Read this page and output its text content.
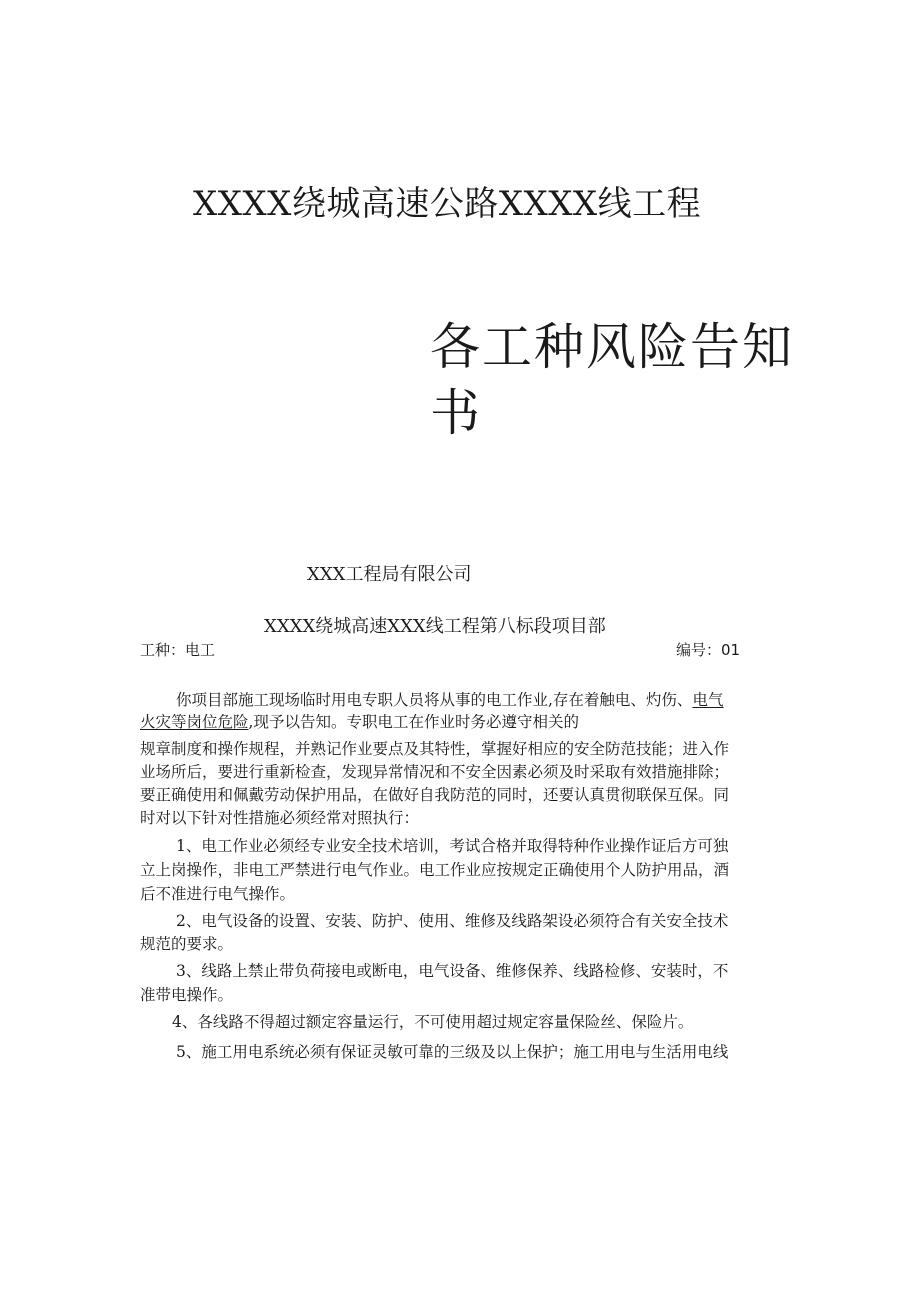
XXXX绕城高速公路XXXX线工程
各工种风险告知
书
XXX工程局有限公司
XXXX绕城高速XXX线工程第八标段项目部
工种：电工	编号：01
你项目部施工现场临时用电专职人员将从事的电工作业,存在着触电、灼伤、电气
火灾等岗位危险,现予以告知。专职电工在作业时务必遵守相关的
规章制度和操作规程，并熟记作业要点及其特性，掌握好相应的安全防范技能；进入作
业场所后，要进行重新检查，发现异常情况和不安全因素必须及时采取有效措施排除；
要正确使用和佩戴劳动保护用品，在做好自我防范的同时，还要认真贯彻联保互保。同
时对以下针对性措施必须经常对照执行：
1、电工作业必须经专业安全技术培训，考试合格并取得特种作业操作证后方可独
立上岗操作，非电工严禁进行电气作业。电工作业应按规定正确使用个人防护用品，酒
后不准进行电气操作。
2、电气设备的设置、安装、防护、使用、维修及线路架设必须符合有关安全技术
规范的要求。
3、线路上禁止带负荷接电或断电，电气设备、维修保养、线路检修、安装时，不
准带电操作。
4、各线路不得超过额定容量运行，不可使用超过规定容量保险丝、保险片。
5、施工用电系统必须有保证灵敏可靠的三级及以上保护；施工用电与生活用电线
